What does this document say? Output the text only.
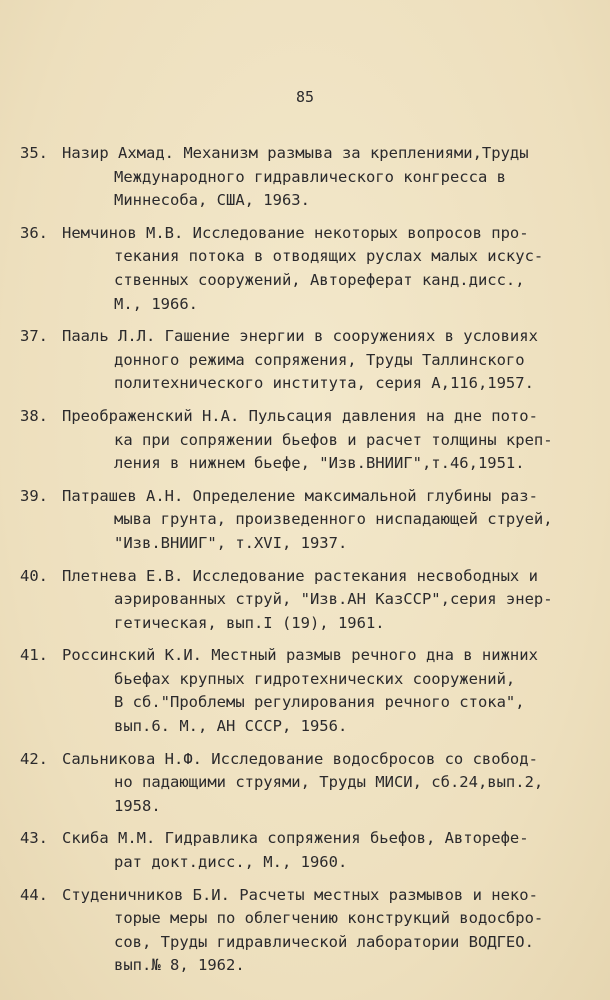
85
35. Назир Ахмад. Механизм размыва за креплениями,Труды
Международного гидравлического конгресса в
Миннесоба, США, 1963.
36. Немчинов М.В. Исследование некоторых вопросов про-
текания потока в отводящих руслах малых искус-
ственных сооружений, Автореферат канд.дисс.,
М., 1966.
37. Пааль Л.Л. Гашение энергии в сооружениях в условиях
донного режима сопряжения, Труды Таллинского
политехнического института, серия А,116,1957.
38. Преображенский Н.А. Пульсация давления на дне пото-
ка при сопряжении бьефов и расчет толщины креп-
ления в нижнем бьефе, "Изв.ВНИИГ",т.46,1951.
39. Патрашев А.Н. Определение максимальной глубины раз-
мыва грунта, произведенного ниспадающей струей,
"Изв.ВНИИГ", т.XVI, 1937.
40. Плетнева Е.В. Исследование растекания несвободных и
аэрированных струй, "Изв.АН КазССР",серия энер-
гетическая, вып.I (19), 1961.
41. Россинский К.И. Местный размыв речного дна в нижних
бьефах крупных гидротехнических сооружений,
В сб."Проблемы регулирования речного стока",
вып.6. М., АН СССР, 1956.
42. Сальникова Н.Ф. Исследование водосбросов со свобод-
но падающими струями, Труды МИСИ, сб.24,вып.2,
1958.
43. Скиба М.М. Гидравлика сопряжения бьефов, Авторефе-
рат докт.дисс., М., 1960.
44. Студеничников Б.И. Расчеты местных размывов и неко-
торые меры по облегчению конструкций водосбро-
сов, Труды гидравлической лаборатории ВОДГЕО.
вып.№ 8, 1962.
